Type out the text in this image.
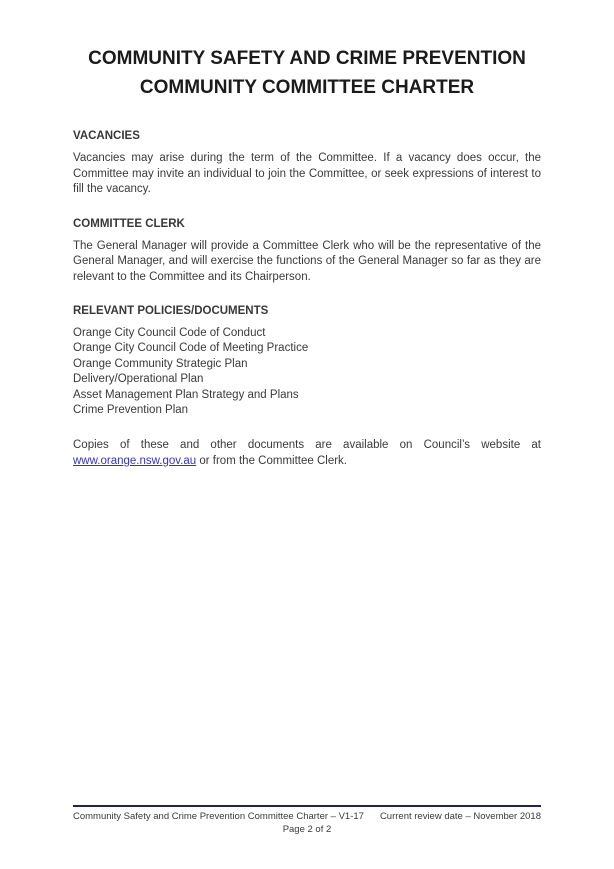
COMMUNITY SAFETY AND CRIME PREVENTION
COMMUNITY COMMITTEE CHARTER
VACANCIES

Vacancies may arise during the term of the Committee. If a vacancy does occur, the Committee may invite an individual to join the Committee, or seek expressions of interest to fill the vacancy.

COMMITTEE CLERK

The General Manager will provide a Committee Clerk who will be the representative of the General Manager, and will exercise the functions of the General Manager so far as they are relevant to the Committee and its Chairperson.

RELEVANT POLICIES/DOCUMENTS
Orange City Council Code of Conduct
Orange City Council Code of Meeting Practice
Orange Community Strategic Plan
Delivery/Operational Plan
Asset Management Plan Strategy and Plans
Crime Prevention Plan

Copies of these and other documents are available on Council’s website at www.orange.nsw.gov.au or from the Committee Clerk.

Community Safety and Crime Prevention Committee Charter – V1-17 Current review date – November 2018
Page 2 of 2
